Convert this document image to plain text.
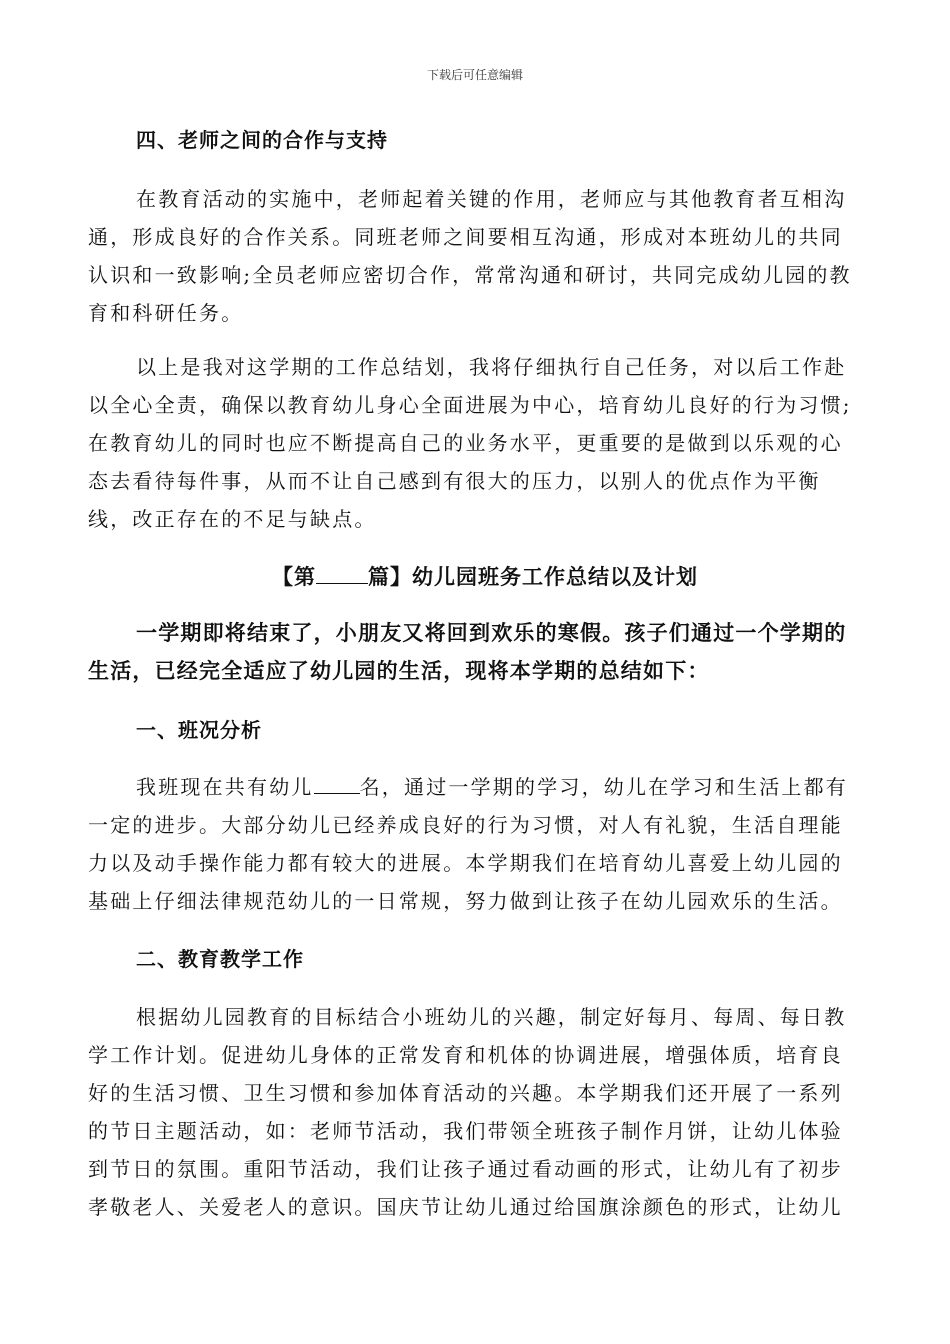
下载后可任意编辑
四、老师之间的合作与支持
在教育活动的实施中，老师起着关键的作用，老师应与其他教育者互相沟通，形成良好的合作关系。同班老师之间要相互沟通，形成对本班幼儿的共同认识和一致影响;全员老师应密切合作，常常沟通和研讨，共同完成幼儿园的教育和科研任务。
以上是我对这学期的工作总结划，我将仔细执行自己任务，对以后工作赴以全心全责，确保以教育幼儿身心全面进展为中心，培育幼儿良好的行为习惯;在教育幼儿的同时也应不断提高自己的业务水平，更重要的是做到以乐观的心态去看待每件事，从而不让自己感到有很大的压力，以别人的优点作为平衡线，改正存在的不足与缺点。
【第 篇】幼儿园班务工作总结以及计划
一学期即将结束了，小朋友又将回到欢乐的寒假。孩子们通过一个学期的生活，已经完全适应了幼儿园的生活，现将本学期的总结如下：
一、班况分析
我班现在共有幼儿 名，通过一学期的学习，幼儿在学习和生活上都有一定的进步。大部分幼儿已经养成良好的行为习惯，对人有礼貌，生活自理能力以及动手操作能力都有较大的进展。本学期我们在培育幼儿喜爱上幼儿园的基础上仔细法律规范幼儿的一日常规，努力做到让孩子在幼儿园欢乐的生活。
二、教育教学工作
根据幼儿园教育的目标结合小班幼儿的兴趣，制定好每月、每周、每日教学工作计划。促进幼儿身体的正常发育和机体的协调进展，增强体质，培育良好的生活习惯、卫生习惯和参加体育活动的兴趣。本学期我们还开展了一系列的节日主题活动，如：老师节活动，我们带领全班孩子制作月饼，让幼儿体验到节日的氛围。重阳节活动，我们让孩子通过看动画的形式，让幼儿有了初步孝敬老人、关爱老人的意识。国庆节让幼儿通过给国旗涂颜色的形式，让幼儿
